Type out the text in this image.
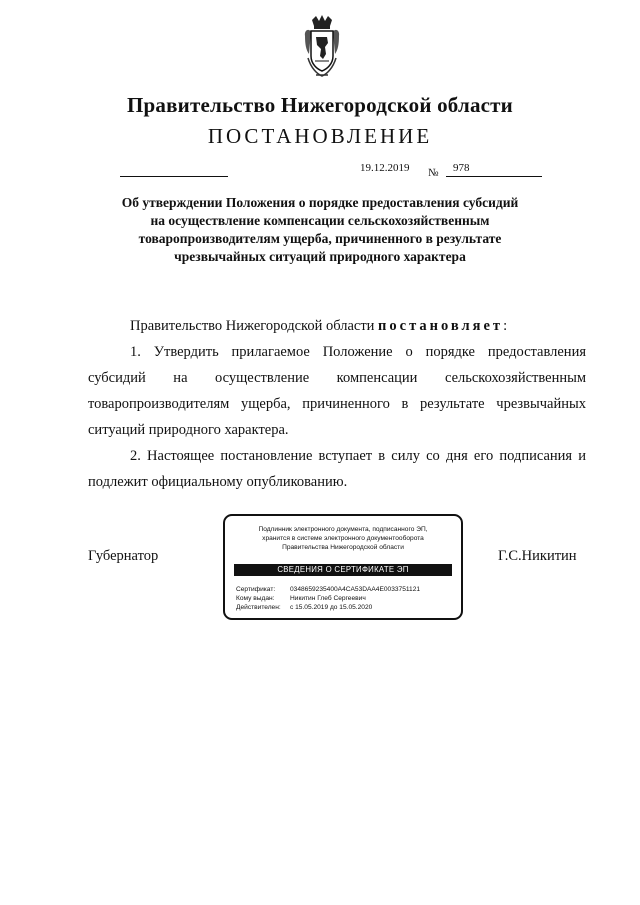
Правительство Нижегородской области
ПОСТАНОВЛЕНИЕ
19.12.2019 № 978
Об утверждении Положения о порядке предоставления субсидий на осуществление компенсации сельскохозяйственным товаропроизводителям ущерба, причиненного в результате чрезвычайных ситуаций природного характера
Правительство Нижегородской области постановляет:
1. Утвердить прилагаемое Положение о порядке предоставления субсидий на осуществление компенсации сельскохозяйственным товаропроизводителям ущерба, причиненного в результате чрезвычайных ситуаций природного характера.
2. Настоящее постановление вступает в силу со дня его подписания и подлежит официальному опубликованию.
Губернатор	Г.С.Никитин
Подлинник электронного документа, подписанного ЭП,
хранится в системе электронного документооборота
Правительства Нижегородской области
СВЕДЕНИЯ О СЕРТИФИКАТЕ ЭП
Сертификат: 0348659235400A4CA53DAA4E0033751121
Кому выдан: Никитин Глеб Сергеевич
Действителен: с 15.05.2019 до 15.05.2020
